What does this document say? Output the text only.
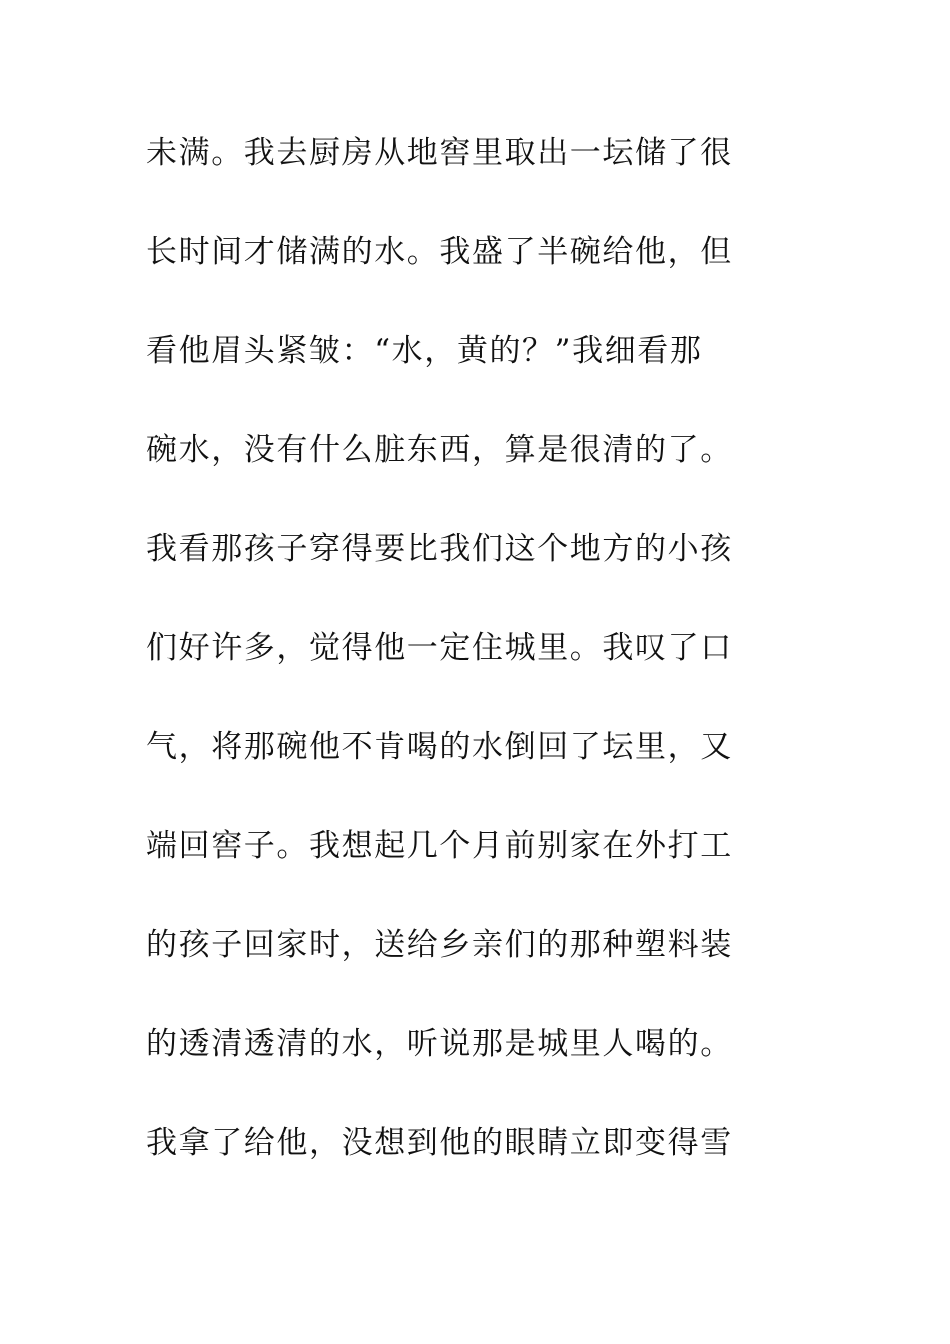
未满。我去厨房从地窖里取出一坛储了很
长时间才储满的水。我盛了半碗给他，但
看他眉头紧皱：“水，黄的？”我细看那
碗水，没有什么脏东西，算是很清的了。
我看那孩子穿得要比我们这个地方的小孩
们好许多，觉得他一定住城里。我叹了口
气，将那碗他不肯喝的水倒回了坛里，又
端回窖子。我想起几个月前别家在外打工
的孩子回家时，送给乡亲们的那种塑料装
的透清透清的水，听说那是城里人喝的。
我拿了给他，没想到他的眼睛立即变得雪
